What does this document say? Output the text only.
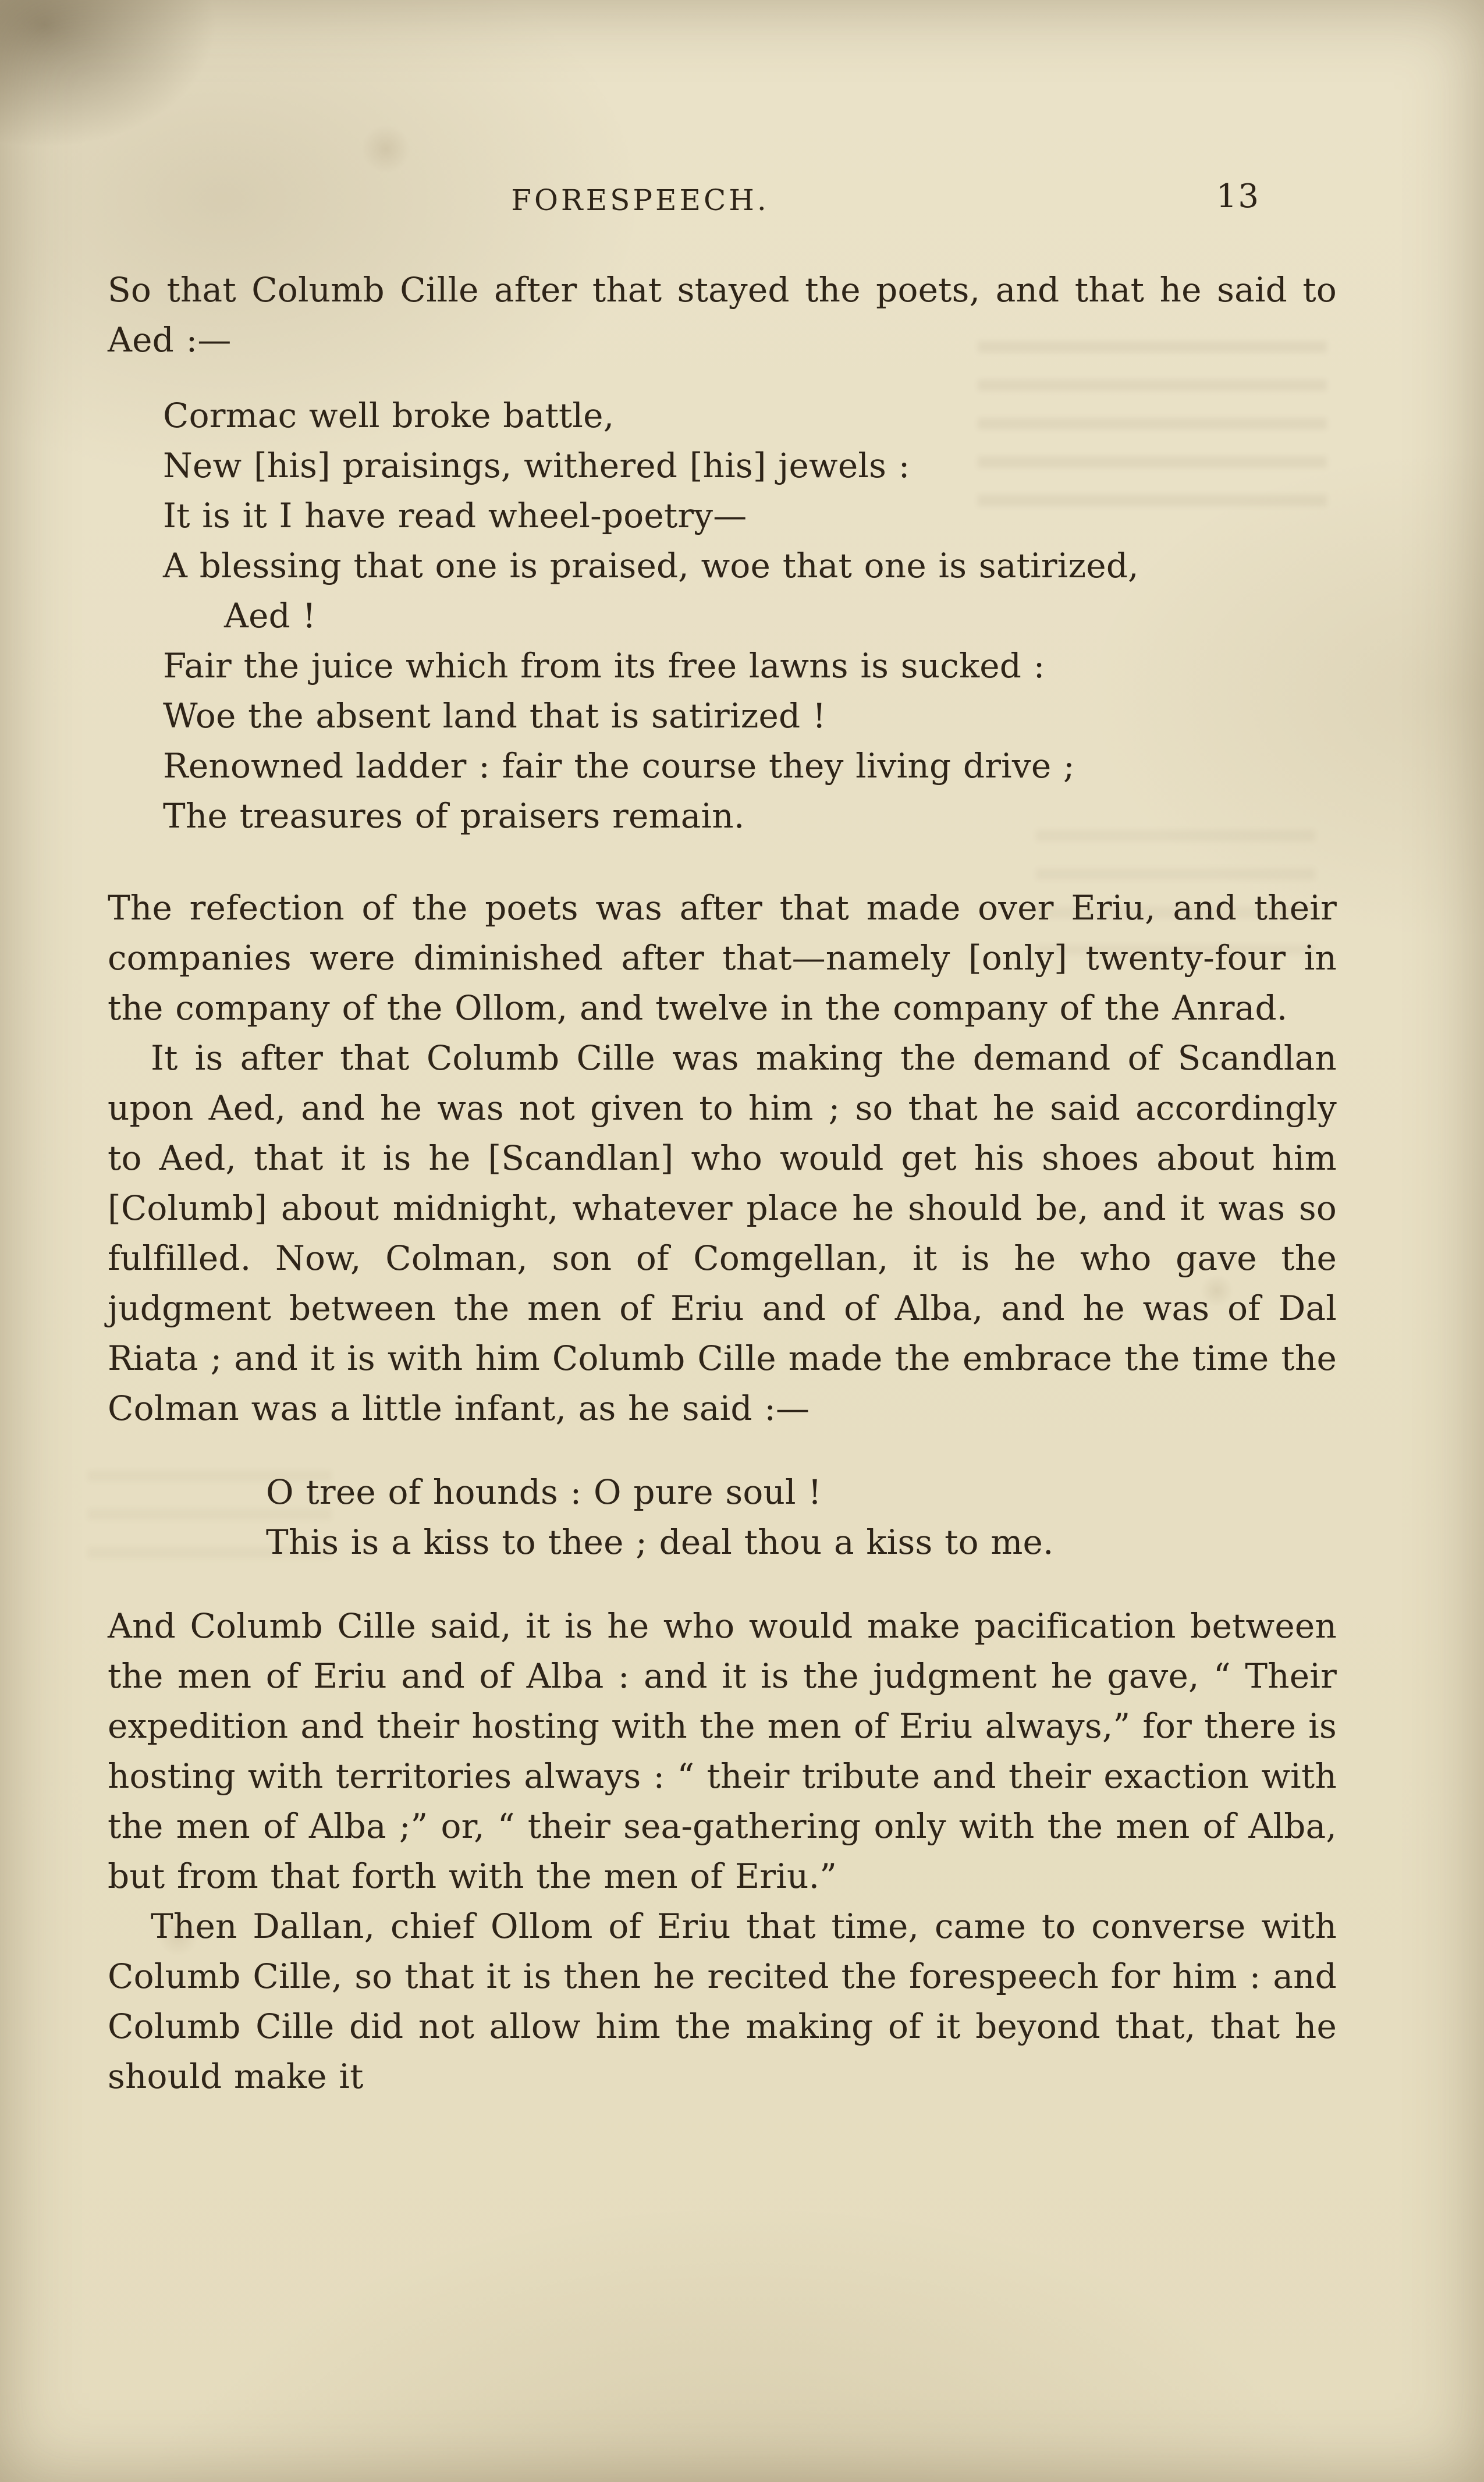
FORESPEECH.	13

So that Columb Cille after that stayed the poets, and that he said to Aed :—

Cormac well broke battle,
New [his] praisings, withered [his] jewels :
It is it I have read wheel-poetry—
A blessing that one is praised, woe that one is satirized,
Aed !
Fair the juice which from its free lawns is sucked :
Woe the absent land that is satirized !
Renowned ladder : fair the course they living drive ;
The treasures of praisers remain.

The refection of the poets was after that made over Eriu, and their companies were diminished after that—namely [only] twenty-four in the company of the Ollom, and twelve in the company of the Anrad.

It is after that Columb Cille was making the demand of Scandlan upon Aed, and he was not given to him ; so that he said accordingly to Aed, that it is he [Scandlan] who would get his shoes about him [Columb] about midnight, whatever place he should be, and it was so fulfilled. Now, Colman, son of Comgellan, it is he who gave the judgment between the men of Eriu and of Alba, and he was of Dal Riata ; and it is with him Columb Cille made the embrace the time the Colman was a little infant, as he said :—

O tree of hounds : O pure soul !
This is a kiss to thee ; deal thou a kiss to me.

And Columb Cille said, it is he who would make pacification between the men of Eriu and of Alba : and it is the judgment he gave, “ Their expedition and their hosting with the men of Eriu always,” for there is hosting with territories always : “ their tribute and their exaction with the men of Alba ;” or, “ their sea-gathering only with the men of Alba, but from that forth with the men of Eriu.”

Then Dallan, chief Ollom of Eriu that time, came to converse with Columb Cille, so that it is then he recited the forespeech for him : and Columb Cille did not allow him the making of it beyond that, that he should make it
